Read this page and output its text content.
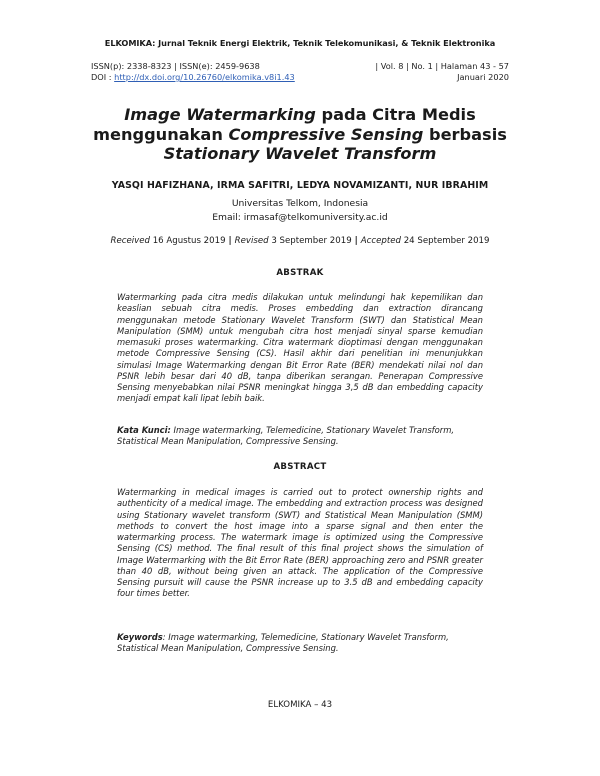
ELKOMIKA: Jurnal Teknik Energi Elektrik, Teknik Telekomunikasi, & Teknik Elektronika
ISSN(p): 2338-8323 | ISSN(e): 2459-9638	| Vol. 8 | No. 1 | Halaman 43 - 57
DOI : http://dx.doi.org/10.26760/elkomika.v8i1.43	Januari 2020
Image Watermarking pada Citra Medis
menggunakan Compressive Sensing berbasis
Stationary Wavelet Transform
YASQI HAFIZHANA, IRMA SAFITRI, LEDYA NOVAMIZANTI, NUR IBRAHIM
Universitas Telkom, Indonesia
Email: irmasaf@telkomuniversity.ac.id
Received 16 Agustus 2019 | Revised 3 September 2019 | Accepted 24 September 2019
ABSTRAK
Watermarking pada citra medis dilakukan untuk melindungi hak kepemilikan dan keaslian sebuah citra medis. Proses embedding dan extraction dirancang menggunakan metode Stationary Wavelet Transform (SWT) dan Statistical Mean Manipulation (SMM) untuk mengubah citra host menjadi sinyal sparse kemudian memasuki proses watermarking. Citra watermark dioptimasi dengan menggunakan metode Compressive Sensing (CS). Hasil akhir dari penelitian ini menunjukkan simulasi Image Watermarking dengan Bit Error Rate (BER) mendekati nilai nol dan PSNR lebih besar dari 40 dB, tanpa diberikan serangan. Penerapan Compressive Sensing menyebabkan nilai PSNR meningkat hingga 3,5 dB dan embedding capacity menjadi empat kali lipat lebih baik.
Kata Kunci: Image watermarking, Telemedicine, Stationary Wavelet Transform, Statistical Mean Manipulation, Compressive Sensing.
ABSTRACT
Watermarking in medical images is carried out to protect ownership rights and authenticity of a medical image. The embedding and extraction process was designed using Stationary wavelet transform (SWT) and Statistical Mean Manipulation (SMM) methods to convert the host image into a sparse signal and then enter the watermarking process. The watermark image is optimized using the Compressive Sensing (CS) method. The final result of this final project shows the simulation of Image Watermarking with the Bit Error Rate (BER) approaching zero and PSNR greater than 40 dB, without being given an attack. The application of the Compressive Sensing pursuit will cause the PSNR increase up to 3.5 dB and embedding capacity four times better.
Keywords: Image watermarking, Telemedicine, Stationary Wavelet Transform, Statistical Mean Manipulation, Compressive Sensing.
ELKOMIKA – 43
